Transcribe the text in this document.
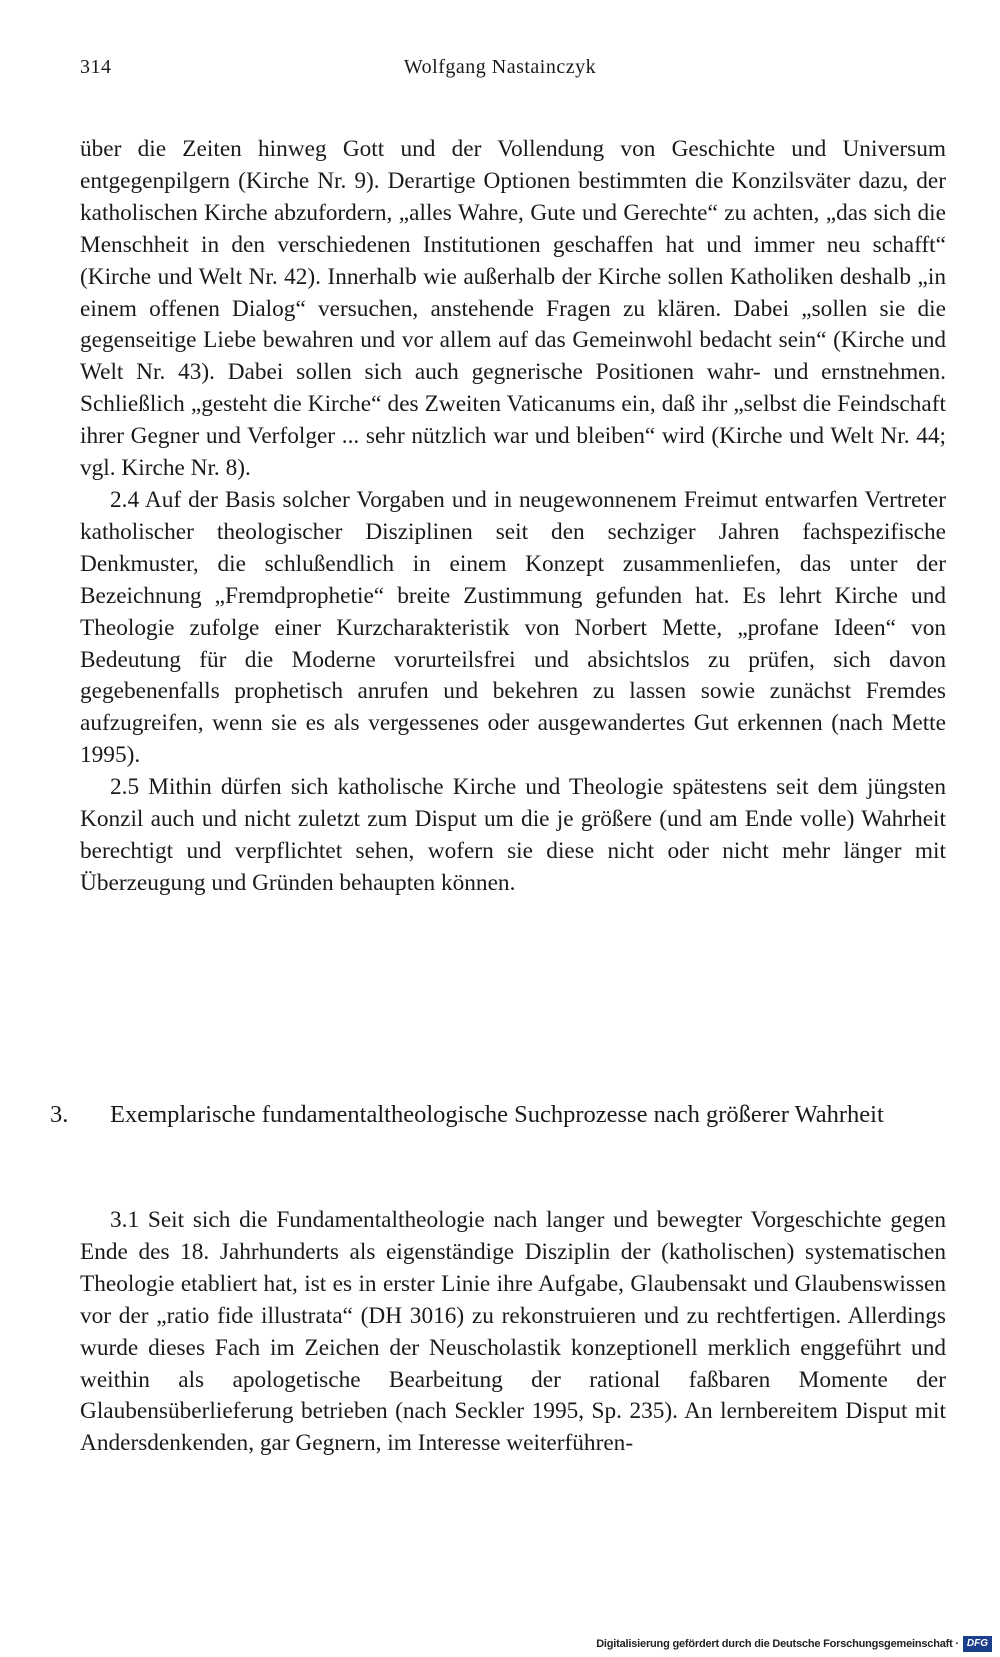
314	Wolfgang Nastainczyk

über die Zeiten hinweg Gott und der Vollendung von Geschichte und Universum entgegenpilgern (Kirche Nr. 9). Derartige Optionen bestimmten die Konzilsväter dazu, der katholischen Kirche abzufordern, „alles Wahre, Gute und Gerechte“ zu achten, „das sich die Menschheit in den verschiedenen Institutionen geschaffen hat und immer neu schafft“ (Kirche und Welt Nr. 42). Innerhalb wie außerhalb der Kirche sollen Katholiken deshalb „in einem offenen Dialog“ versuchen, anstehende Fragen zu klären. Dabei „sollen sie die gegenseitige Liebe bewahren und vor allem auf das Gemeinwohl bedacht sein“ (Kirche und Welt Nr. 43). Dabei sollen sich auch gegnerische Positionen wahr- und ernstnehmen. Schließlich „gesteht die Kirche“ des Zweiten Vaticanums ein, daß ihr „selbst die Feindschaft ihrer Gegner und Verfolger ... sehr nützlich war und bleiben“ wird (Kirche und Welt Nr. 44; vgl. Kirche Nr. 8).

2.4 Auf der Basis solcher Vorgaben und in neugewonnenem Freimut entwarfen Vertreter katholischer theologischer Disziplinen seit den sechziger Jahren fachspezifische Denkmuster, die schlußendlich in einem Konzept zusammenliefen, das unter der Bezeichnung „Fremdprophetie“ breite Zustimmung gefunden hat. Es lehrt Kirche und Theologie zufolge einer Kurzcharakteristik von Norbert Mette, „profane Ideen“ von Bedeutung für die Moderne vorurteilsfrei und absichtslos zu prüfen, sich davon gegebenenfalls prophetisch anrufen und bekehren zu lassen sowie zunächst Fremdes aufzugreifen, wenn sie es als vergessenes oder ausgewandertes Gut erkennen (nach Mette 1995).

2.5 Mithin dürfen sich katholische Kirche und Theologie spätestens seit dem jüngsten Konzil auch und nicht zuletzt zum Disput um die je größere (und am Ende volle) Wahrheit berechtigt und verpflichtet sehen, wofern sie diese nicht oder nicht mehr länger mit Überzeugung und Gründen behaupten können.

3. Exemplarische fundamentaltheologische Suchprozesse nach größerer Wahrheit

3.1 Seit sich die Fundamentaltheologie nach langer und bewegter Vorgeschichte gegen Ende des 18. Jahrhunderts als eigenständige Disziplin der (katholischen) systematischen Theologie etabliert hat, ist es in erster Linie ihre Aufgabe, Glaubensakt und Glaubenswissen vor der „ratio fide illustrata“ (DH 3016) zu rekonstruieren und zu rechtfertigen. Allerdings wurde dieses Fach im Zeichen der Neuscholastik konzeptionell merklich enggeführt und weithin als apologetische Bearbeitung der rational faßbaren Momente der Glaubensüberlieferung betrieben (nach Seckler 1995, Sp. 235). An lernbereitem Disput mit Andersdenkenden, gar Gegnern, im Interesse weiterführen-

Digitalisierung gefördert durch die Deutsche Forschungsgemeinschaft · DFG
